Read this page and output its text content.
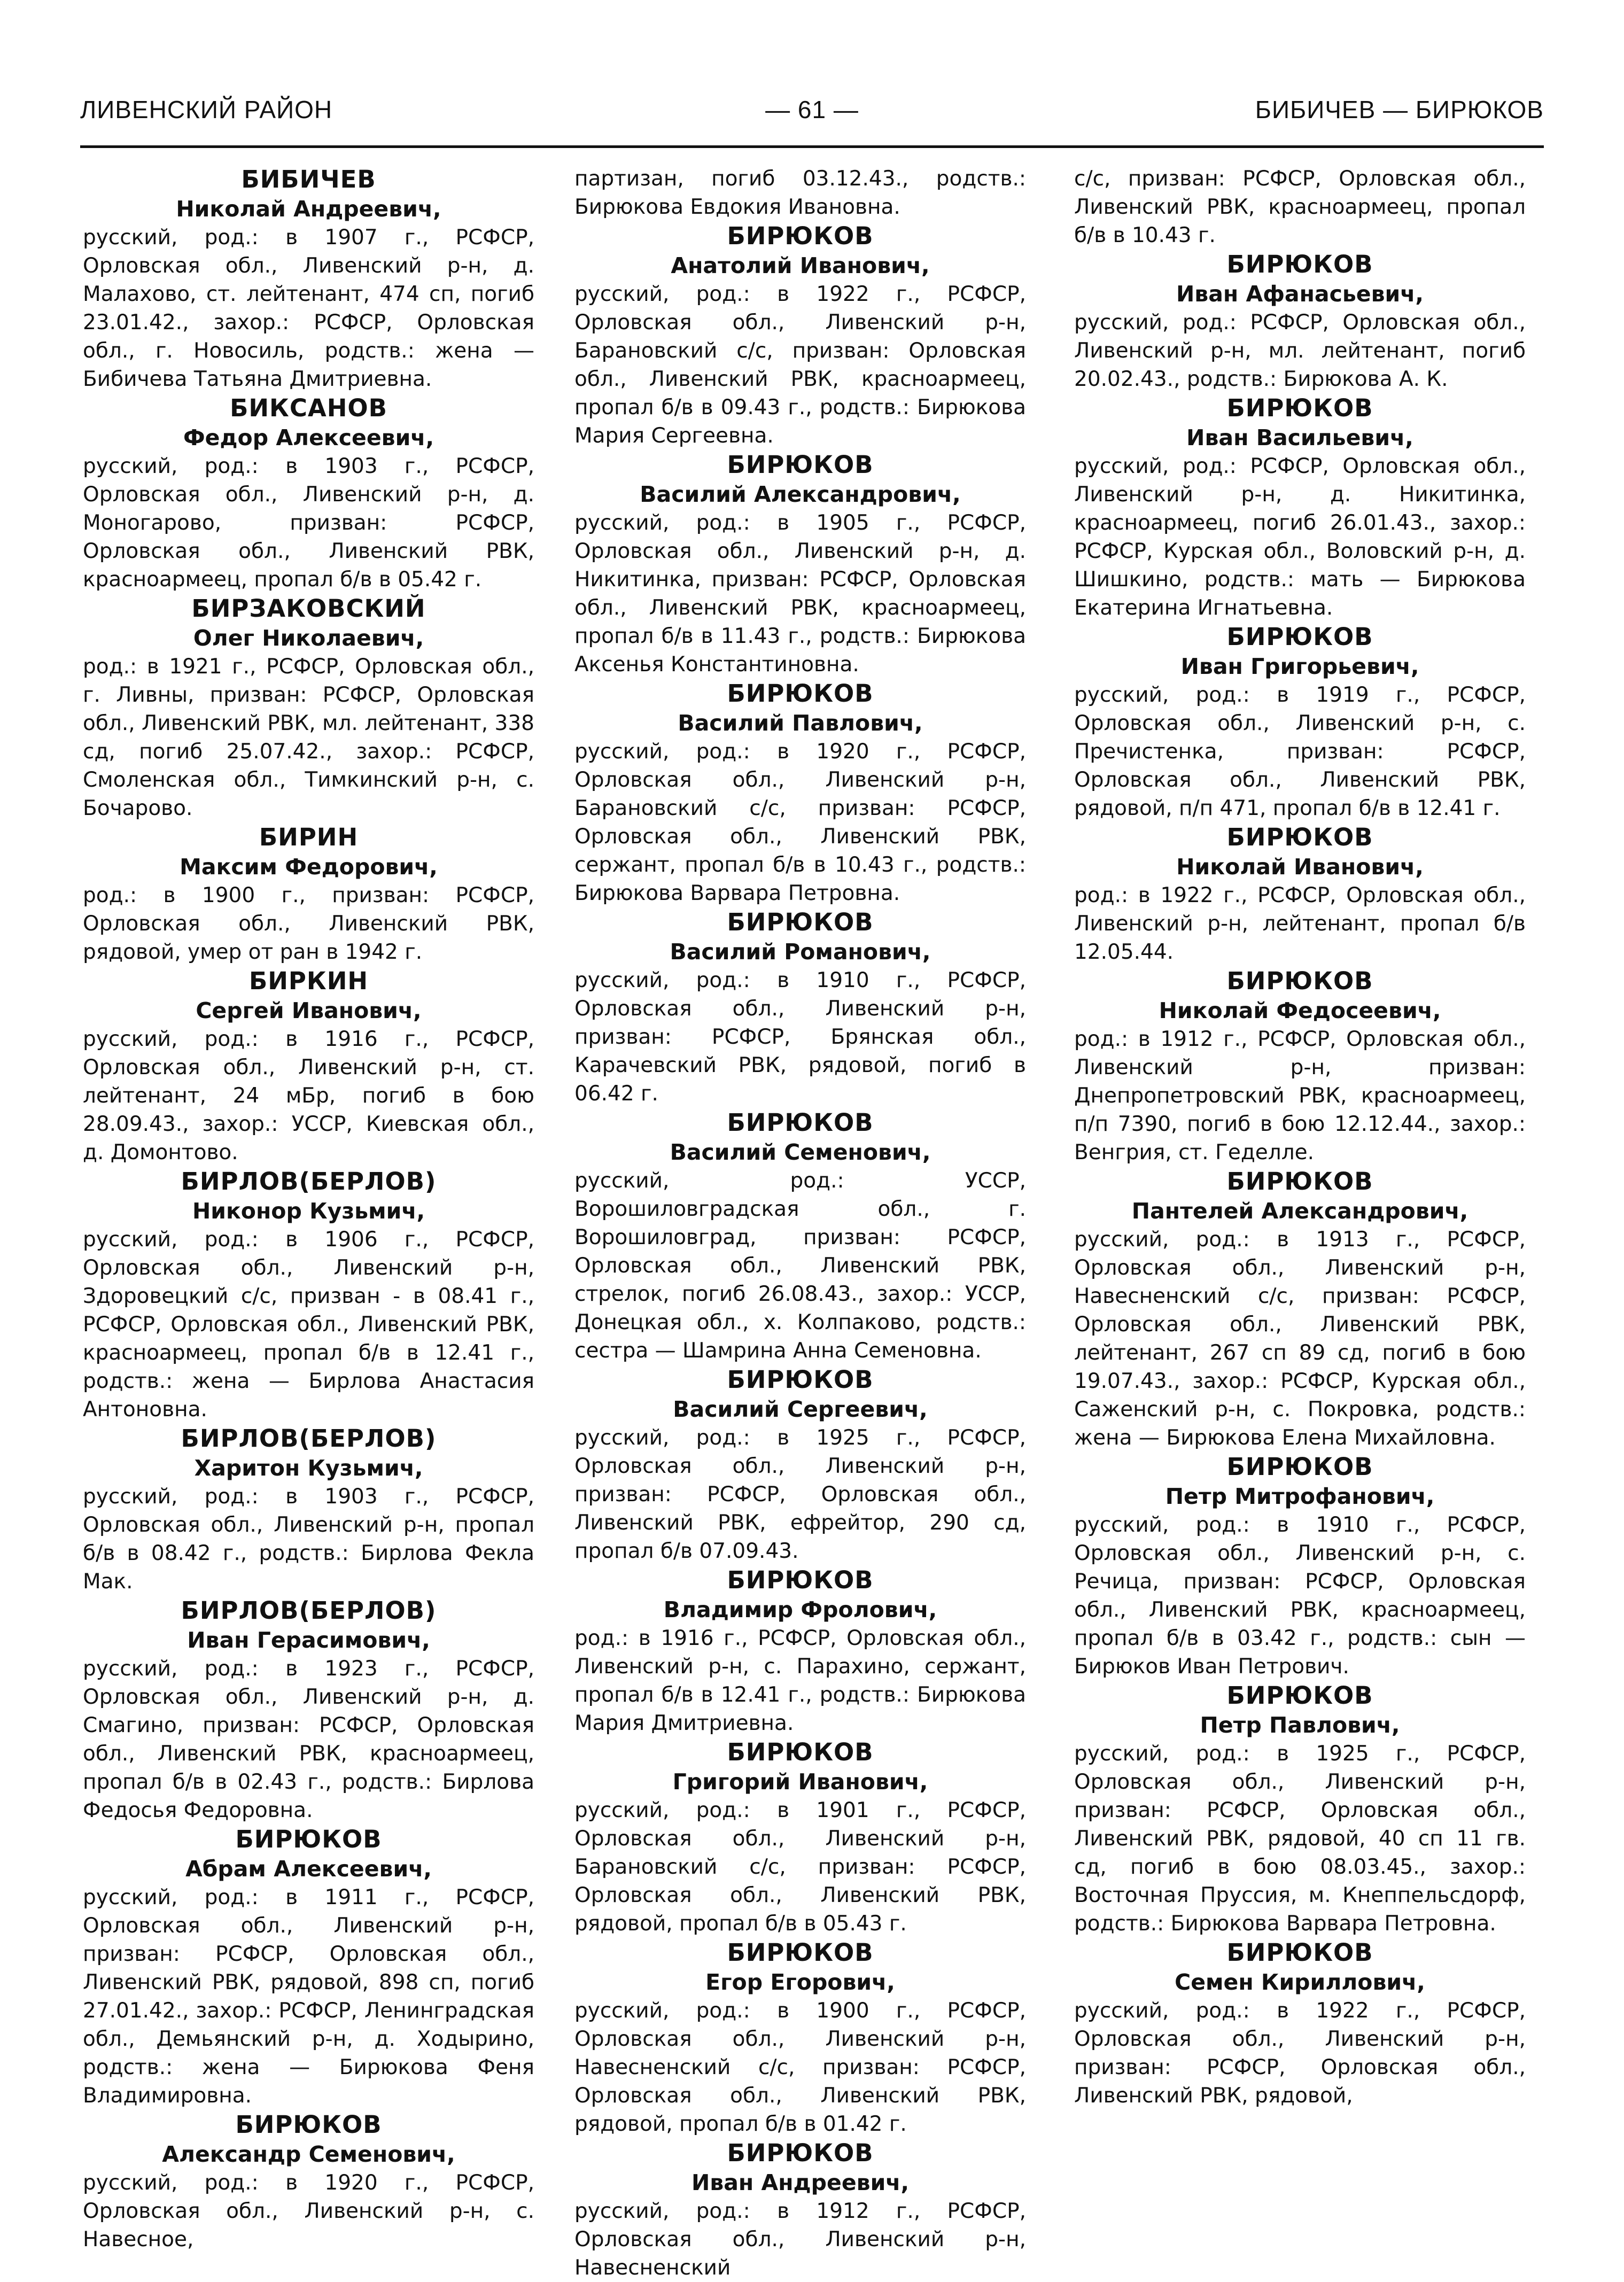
ЛИВЕНСКИЙ РАЙОН	— 61 —	БИБИЧЕВ — БИРЮКОВ
БИБИЧЕВ
Николай Андреевич,

русский, род.: в 1907 г., РСФСР, Орловская обл., Ливенский р-н, д. Малахово, ст. лейтенант, 474 сп, погиб 23.01.42., захор.: РСФСР, Орловская обл., г. Новосиль, родств.: жена — Бибичева Татьяна Дмитриевна.

БИКСАНОВ
Федор Алексеевич,

русский, род.: в 1903 г., РСФСР, Орловская обл., Ливенский р-н, д. Моногарово, призван: РСФСР, Орловская обл., Ливенский РВК, красноармеец, пропал б/в в 05.42 г.

БИРЗАКОВСКИЙ
Олег Николаевич,

род.: в 1921 г., РСФСР, Орловская обл., г. Ливны, призван: РСФСР, Орловская обл., Ливенский РВК, мл. лейтенант, 338 сд, погиб 25.07.42., захор.: РСФСР, Смоленская обл., Тимкинский р-н, с. Бочарово.

БИРИН
Максим Федорович,

род.: в 1900 г., призван: РСФСР, Орловская обл., Ливенский РВК, рядовой, умер от ран в 1942 г.

БИРКИН
Сергей Иванович,

русский, род.: в 1916 г., РСФСР, Орловская обл., Ливенский р-н, ст. лейтенант, 24 мБр, погиб в бою 28.09.43., захор.: УССР, Киевская обл., д. Домонтово.

БИРЛОВ(БЕРЛОВ)
Никонор Кузьмич,

русский, род.: в 1906 г., РСФСР, Орловская обл., Ливенский р-н, Здоровецкий с/с, призван - в 08.41 г., РСФСР, Орловская обл., Ливенский РВК, красноармеец, пропал б/в в 12.41 г., родств.: жена — Бирлова Анастасия Антоновна.

БИРЛОВ(БЕРЛОВ)
Харитон Кузьмич,

русский, род.: в 1903 г., РСФСР, Орловская обл., Ливенский р-н, пропал б/в в 08.42 г., родств.: Бирлова Фекла Мак.

БИРЛОВ(БЕРЛОВ)
Иван Герасимович,

русский, род.: в 1923 г., РСФСР, Орловская обл., Ливенский р-н, д. Смагино, призван: РСФСР, Орловская обл., Ливенский РВК, красноармеец, пропал б/в в 02.43 г., родств.: Бирлова Федосья Федоровна.

БИРЮКОВ
Абрам Алексеевич,

русский, род.: в 1911 г., РСФСР, Орловская обл., Ливенский р-н, призван: РСФСР, Орловская обл., Ливенский РВК, рядовой, 898 сп, погиб 27.01.42., захор.: РСФСР, Ленинградская обл., Демьянский р-н, д. Ходырино, родств.: жена — Бирюкова Феня Владимировна.

БИРЮКОВ
Александр Семенович,

русский, род.: в 1920 г., РСФСР, Орловская обл., Ливенский р-н, с. Навесное,

партизан, погиб 03.12.43., родств.: Бирюкова Евдокия Ивановна.

БИРЮКОВ
Анатолий Иванович,

русский, род.: в 1922 г., РСФСР, Орловская обл., Ливенский р-н, Барановский с/с, призван: Орловская обл., Ливенский РВК, красноармеец, пропал б/в в 09.43 г., родств.: Бирюкова Мария Сергеевна.

БИРЮКОВ
Василий Александрович,

русский, род.: в 1905 г., РСФСР, Орловская обл., Ливенский р-н, д. Никитинка, призван: РСФСР, Орловская обл., Ливенский РВК, красноармеец, пропал б/в в 11.43 г., родств.: Бирюкова Аксенья Константиновна.

БИРЮКОВ
Василий Павлович,

русский, род.: в 1920 г., РСФСР, Орловская обл., Ливенский р-н, Барановский с/с, призван: РСФСР, Орловская обл., Ливенский РВК, сержант, пропал б/в в 10.43 г., родств.: Бирюкова Варвара Петровна.

БИРЮКОВ
Василий Романович,

русский, род.: в 1910 г., РСФСР, Орловская обл., Ливенский р-н, призван: РСФСР, Брянская обл., Карачевский РВК, рядовой, погиб в 06.42 г.

БИРЮКОВ
Василий Семенович,

русский, род.: УССР, Ворошиловградская обл., г. Ворошиловград, призван: РСФСР, Орловская обл., Ливенский РВК, стрелок, погиб 26.08.43., захор.: УССР, Донецкая обл., х. Колпаково, родств.: сестра — Шамрина Анна Семеновна.

БИРЮКОВ
Василий Сергеевич,

русский, род.: в 1925 г., РСФСР, Орловская обл., Ливенский р-н, призван: РСФСР, Орловская обл., Ливенский РВК, ефрейтор, 290 сд, пропал б/в 07.09.43.

БИРЮКОВ
Владимир Фролович,

род.: в 1916 г., РСФСР, Орловская обл., Ливенский р-н, с. Парахино, сержант, пропал б/в в 12.41 г., родств.: Бирюкова Мария Дмитриевна.

БИРЮКОВ
Григорий Иванович,

русский, род.: в 1901 г., РСФСР, Орловская обл., Ливенский р-н, Барановский с/с, призван: РСФСР, Орловская обл., Ливенский РВК, рядовой, пропал б/в в 05.43 г.

БИРЮКОВ
Егор Егорович,

русский, род.: в 1900 г., РСФСР, Орловская обл., Ливенский р-н, Навесненский с/с, призван: РСФСР, Орловская обл., Ливенский РВК, рядовой, пропал б/в в 01.42 г.

БИРЮКОВ
Иван Андреевич,

русский, род.: в 1912 г., РСФСР, Орловская обл., Ливенский р-н, Навесненский

с/с, призван: РСФСР, Орловская обл., Ливенский РВК, красноармеец, пропал б/в в 10.43 г.

БИРЮКОВ
Иван Афанасьевич,

русский, род.: РСФСР, Орловская обл., Ливенский р-н, мл. лейтенант, погиб 20.02.43., родств.: Бирюкова А. К.

БИРЮКОВ
Иван Васильевич,

русский, род.: РСФСР, Орловская обл., Ливенский р-н, д. Никитинка, красноармеец, погиб 26.01.43., захор.: РСФСР, Курская обл., Воловский р-н, д. Шишкино, родств.: мать — Бирюкова Екатерина Игнатьевна.

БИРЮКОВ
Иван Григорьевич,

русский, род.: в 1919 г., РСФСР, Орловская обл., Ливенский р-н, с. Пречистенка, призван: РСФСР, Орловская обл., Ливенский РВК, рядовой, п/п 471, пропал б/в в 12.41 г.

БИРЮКОВ
Николай Иванович,

род.: в 1922 г., РСФСР, Орловская обл., Ливенский р-н, лейтенант, пропал б/в 12.05.44.

БИРЮКОВ
Николай Федосеевич,

род.: в 1912 г., РСФСР, Орловская обл., Ливенский р-н, призван: Днепропетровский РВК, красноармеец, п/п 7390, погиб в бою 12.12.44., захор.: Венгрия, ст. Геделле.

БИРЮКОВ
Пантелей Александрович,

русский, род.: в 1913 г., РСФСР, Орловская обл., Ливенский р-н, Навесненский с/с, призван: РСФСР, Орловская обл., Ливенский РВК, лейтенант, 267 сп 89 сд, погиб в бою 19.07.43., захор.: РСФСР, Курская обл., Саженский р-н, с. Покровка, родств.: жена — Бирюкова Елена Михайловна.

БИРЮКОВ
Петр Митрофанович,

русский, род.: в 1910 г., РСФСР, Орловская обл., Ливенский р-н, с. Речица, призван: РСФСР, Орловская обл., Ливенский РВК, красноармеец, пропал б/в в 03.42 г., родств.: сын — Бирюков Иван Петрович.

БИРЮКОВ
Петр Павлович,

русский, род.: в 1925 г., РСФСР, Орловская обл., Ливенский р-н, призван: РСФСР, Орловская обл., Ливенский РВК, рядовой, 40 сп 11 гв. сд, погиб в бою 08.03.45., захор.: Восточная Пруссия, м. Кнеппельсдорф, родств.: Бирюкова Варвара Петровна.

БИРЮКОВ
Семен Кириллович,

русский, род.: в 1922 г., РСФСР, Орловская обл., Ливенский р-н, призван: РСФСР, Орловская обл., Ливенский РВК, рядовой,
